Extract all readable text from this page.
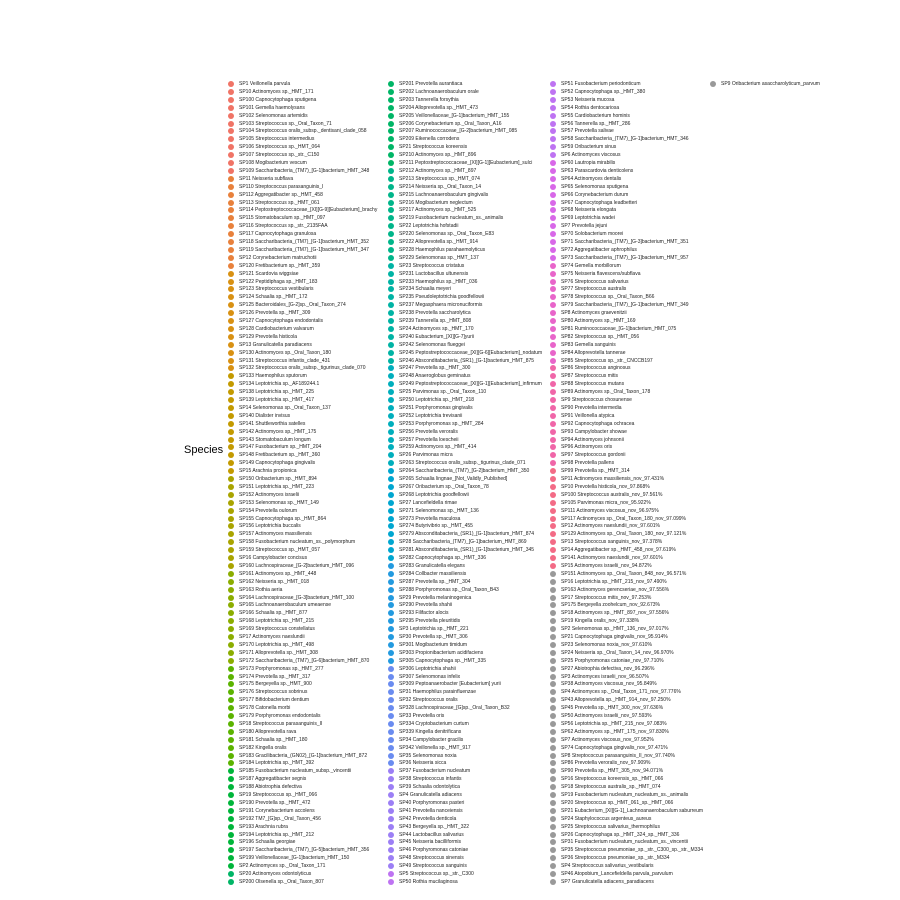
Species
SP1 Veillonella parvula
SP10 Actinomyces sp._HMT_171
SP100 Capnocytophaga sputigena
SP101 Gemella haemolysans
SP102 Selenomonas artemidis
SP103 Streptococcus sp._Oral_Taxon_71
SP104 Streptococcus oralis_subsp._dentisani_clade_058
SP105 Streptococcus intermedius
SP106 Streptococcus sp._HMT_064
SP107 Streptococcus sp._str._C150
SP108 Mogibacterium vescum
SP109 Saccharibacteria_(TM7)_[G-1]bacterium_HMT_348
SP11 Neisseria subflava
SP110 Streptococcus parasanguinis_I
SP112 Aggregatibacter sp._HMT_458
SP113 Streptococcus sp._HMT_061
SP114 Peptostreptococcaceae_[XI][G-9][Eubacterium]_brachy
SP115 Stomatobaculum sp._HMT_097
SP116 Streptococcus sp._str._2135FAA
SP117 Capnocytophaga granulosa
SP118 Saccharibacteria_(TM7)_[G-1]bacterium_HMT_352
SP119 Saccharibacteria_(TM7)_[G-1]bacterium_HMT_347
SP12 Corynebacterium matruchotii
SP120 Fretibacterium sp._HMT_359
SP121 Scardovia wiggsiae
SP122 Peptidiphaga sp._HMT_183
SP123 Streptococcus vestibularis
SP124 Schaalia sp._HMT_172
SP125 Bacteroidales_[G-2]sp._Oral_Taxon_274
SP126 Prevotella sp._HMT_309
SP127 Capnocytophaga endodontalis
SP128 Cardiobacterium valvarum
SP129 Prevotella histicola
SP13 Granulicatella paradiacens
SP130 Actinomyces sp._Oral_Taxon_180
SP131 Streptococcus infantis_clade_431
SP132 Streptococcus oralis_subsp._tigurinus_clade_070
SP133 Haemophilus sputorum
SP134 Leptotrichia sp._AF189244.1
SP138 Leptotrichia sp._HMT_225
SP139 Leptotrichia sp._HMT_417
SP14 Selenomonas sp._Oral_Taxon_137
SP140 Dialister invisus
SP141 Shuttleworthia satelles
SP142 Actinomyces sp._HMT_175
SP143 Stomatobaculum longum
SP147 Fusobacterium sp._HMT_204
SP148 Fretibacterium sp._HMT_360
SP149 Capnocytophaga gingivalis
SP15 Arachnia propionica
SP150 Oribacterium sp._HMT_894
SP151 Leptotrichia sp._HMT_223
SP152 Actinomyces israelii
SP153 Selenomonas sp._HMT_149
SP154 Prevotella oulorum
SP155 Capnocytophaga sp._HMT_864
SP156 Leptotrichia buccalis
SP157 Actinomyces massiliensis
SP158 Fusobacterium nucleatum_ss._polymorphum
SP159 Streptococcus sp._HMT_057
SP16 Campylobacter concisus
SP160 Lachnospiraceae_[G-2]bacterium_HMT_096
SP161 Actinomyces sp._HMT_448
SP162 Neisseria sp._HMT_018
SP163 Rothia aeria
SP164 Lachnospiraceae_[G-3]bacterium_HMT_100
SP165 Lachnoanaerobaculum umeaense
SP166 Schaalia sp._HMT_877
SP168 Leptotrichia sp._HMT_215
SP169 Streptococcus constellatus
SP17 Actinomyces naeslundii
SP170 Leptotrichia sp._HMT_498
SP171 Alloprevotella sp._HMT_308
SP172 Saccharibacteria_(TM7)_[G-6]bacterium_HMT_870
SP173 Porphyromonas sp._HMT_277
SP174 Prevotella sp._HMT_317
SP175 Bergeyella sp._HMT_900
SP176 Streptococcus sobrinus
SP177 Bifidobacterium dentium
SP178 Catonella morbi
SP179 Porphyromonas endodontalis
SP18 Streptococcus parasanguinis_II
SP180 Alloprevotella rava
SP181 Schaalia sp._HMT_180
SP182 Kingella oralis
SP183 Gracilibacteria_(GN02)_[G-1]bacterium_HMT_872
SP184 Leptotrichia sp._HMT_392
SP185 Fusobacterium nucleatum_subsp._vincentii
SP187 Aggregatibacter segnis
SP188 Abiotrophia defectiva
SP19 Streptococcus sp._HMT_066
SP190 Prevotella sp._HMT_472
SP191 Corynebacterium accolens
SP192 TM7_[G]sp._Oral_Taxon_456
SP193 Arachnia rubra
SP194 Leptotrichia sp._HMT_212
SP196 Schaalia georgiae
SP197 Saccharibacteria_(TM7)_[G-5]bacterium_HMT_356
SP199 Veillonellaceae_[G-1]bacterium_HMT_150
SP2 Actinomyces sp._Oral_Taxon_171
SP20 Actinomyces odontolyticus
SP200 Olsenella sp._Oral_Taxon_807
SP201 Prevotella aurantiaca
SP202 Lachnoanaerobaculum orale
SP203 Tannerella forsythia
SP204 Alloprevotella sp._HMT_473
SP205 Veillonellaceae_[G-1]bacterium_HMT_155
SP206 Corynebacterium sp._Oral_Taxon_A16
SP207 Ruminococcaceae_[G-2]bacterium_HMT_085
SP209 Eikenella corrodens
SP21 Streptococcus koreensis
SP210 Actinomyces sp._HMT_896
SP211 Peptostreptococcaceae_[XI][G-1][Eubacterium]_sulci
SP212 Actinomyces sp._HMT_897
SP213 Streptococcus sp._HMT_074
SP214 Neisseria sp._Oral_Taxon_14
SP215 Lachnoanaerobaculum gingivalis
SP216 Mogibacterium neglectum
SP217 Actinomyces sp._HMT_525
SP219 Fusobacterium nucleatum_ss._animalis
SP22 Leptotrichia hofstadii
SP220 Selenomonas sp._Oral_Taxon_E83
SP222 Alloprevotella sp._HMT_914
SP228 Haemophilus parahaemolyticus
SP229 Selenomonas sp._HMT_137
SP23 Streptococcus cristatus
SP231 Lactobacillus ultunensis
SP233 Haemophilus sp._HMT_036
SP234 Schaalia meyeri
SP235 Pseudoleptotrichia goodfellowii
SP237 Megasphaera micronuciformis
SP238 Prevotella saccharolytica
SP239 Tannerella sp._HMT_808
SP24 Actinomyces sp._HMT_170
SP240 Eubacterium_[XI][G-7]yurii
SP242 Selenomonas flueggei
SP245 Peptostreptococcaceae_[XI][G-6][Eubacterium]_nodatum
SP246 Absconditabacteria_(SR1)_[G-1]bacterium_HMT_875
SP247 Prevotella sp._HMT_300
SP248 Anaeroglobus geminatus
SP249 Peptostreptococcaceae_[XI][G-1][Eubacterium]_infirmum
SP25 Parvimonas sp._Oral_Taxon_110
SP250 Leptotrichia sp._HMT_218
SP251 Porphyromonas gingivalis
SP252 Leptotrichia trevisanii
SP253 Porphyromonas sp._HMT_284
SP256 Prevotella veroralis
SP257 Prevotella loescheii
SP259 Actinomyces sp._HMT_414
SP26 Parvimonas micra
SP263 Streptococcus oralis_subsp._tigurinus_clade_071
SP264 Saccharibacteria_(TM7)_[G-2]bacterium_HMT_350
SP265 Schaalia lingnae_[Not_Validly_Published]
SP267 Oribacterium sp._Oral_Taxon_78
SP268 Leptotrichia goodfellowii
SP27 Lancefieldella rimae
SP271 Selenomonas sp._HMT_136
SP273 Prevotella maculosa
SP274 Butyrivibrio sp._HMT_455
SP279 Absconditabacteria_(SR1)_[G-1]bacterium_HMT_874
SP28 Saccharibacteria_(TM7)_[G-1]bacterium_HMT_869
SP281 Absconditabacteria_(SR1)_[G-1]bacterium_HMT_345
SP282 Capnocytophaga sp._HMT_336
SP283 Granulicatella elegans
SP284 Collbacter massiliensis
SP287 Prevotella sp._HMT_304
SP288 Porphyromonas sp._Oral_Taxon_B43
SP29 Prevotella melaninogenica
SP290 Prevotella shahii
SP293 Filifactor alocis
SP295 Prevotella pleuritidis
SP3 Leptotrichia sp._HMT_221
SP30 Prevotella sp._HMT_306
SP301 Mogibacterium timidum
SP303 Propionibacterium acidifaciens
SP305 Capnocytophaga sp._HMT_335
SP306 Leptotrichia shahii
SP307 Selenomonas infelix
SP309 Peptoanaerobacter [Eubacterium] yurii
SP31 Haemophilus parainfluenzae
SP32 Streptococcus oralis
SP328 Lachnospiraceae_[G]sp._Oral_Taxon_B32
SP33 Prevotella oris
SP334 Cryptobacterium curtum
SP339 Kingella denitrificans
SP34 Campylobacter gracilis
SP342 Veillonella sp._HMT_917
SP35 Selenomonas noxia
SP36 Neisseria sicca
SP37 Fusobacterium nucleatum
SP38 Streptococcus infantis
SP39 Schaalia odontolytica
SP4 Granulicatella adiacens
SP40 Porphyromonas pasteri
SP41 Prevotella nanceiensis
SP42 Prevotella denticola
SP43 Bergeyella sp._HMT_322
SP44 Lactobacillus salivarius
SP45 Neisseria bacilliformis
SP46 Porphyromonas catoniae
SP48 Streptococcus sinensis
SP49 Streptococcus sanguinis
SP5 Streptococcus sp._str._C300
SP50 Rothia mucilaginosa
SP51 Fusobacterium periodonticum
SP52 Capnocytophaga sp._HMT_380
SP53 Neisseria mucosa
SP54 Rothia dentocariosa
SP55 Cardiobacterium hominis
SP56 Tannerella sp._HMT_286
SP57 Prevotella salivae
SP58 Saccharibacteria_(TM7)_[G-1]bacterium_HMT_346
SP59 Oribacterium sinus
SP6 Actinomyces viscosus
SP60 Lautropia mirabilis
SP63 Parascardovia denticolens
SP64 Actinomyces dentalis
SP65 Selenomonas sputigena
SP66 Corynebacterium durum
SP67 Capnocytophaga leadbetteri
SP68 Neisseria elongata
SP69 Leptotrichia wadei
SP7 Prevotella jejuni
SP70 Solobacterium moorei
SP71 Saccharibacteria_(TM7)_[G-3]bacterium_HMT_351
SP72 Aggregatibacter aphrophilus
SP73 Saccharibacteria_(TM7)_[G-1]bacterium_HMT_957
SP74 Gemella morbillorum
SP75 Neisseria flavescens/subflava
SP76 Streptococcus salivarius
SP77 Streptococcus australis
SP78 Streptococcus sp._Oral_Taxon_B66
SP79 Saccharibacteria_(TM7)_[G-1]bacterium_HMT_349
SP8 Actinomyces graevenitzii
SP80 Actinomyces sp._HMT_169
SP81 Ruminococcaceae_[G-1]bacterium_HMT_075
SP82 Streptococcus sp._HMT_056
SP83 Gemella sanguinis
SP84 Alloprevotella tannerae
SP85 Streptococcus sp._str._CNCCB197
SP86 Streptococcus anginosus
SP87 Streptococcus mitis
SP88 Streptococcus mutans
SP89 Actinomyces sp._Oral_Taxon_178
SP9 Streptococcus chosunense
SP90 Prevotella intermedia
SP91 Veillonella atypica
SP92 Capnocytophaga ochracea
SP93 Campylobacter showae
SP94 Actinomyces johnsonii
SP96 Actinomyces oris
SP97 Streptococcus gordonii
SP98 Prevotella pallens
SP99 Prevotella sp._HMT_314
SP11 Actinomyces massiliensis_nov_97.431%
SP10 Prevotella histicola_nov_97.868%
SP100 Streptococcus australis_nov_97.561%
SP105 Parvimonas micra_nov_95.922%
SP111 Actinomyces viscosus_nov_96.975%
SP117 Actinomyces sp._Oral_Taxon_180_nov_97.099%
SP12 Actinomyces naeslundii_nov_97.601%
SP129 Actinomyces sp._Oral_Taxon_180_nov_97.121%
SP13 Streptococcus sanguinis_nov_97.378%
SP14 Aggregatibacter sp._HMT_458_nov_97.619%
SP141 Actinomyces naeslundii_nov_97.601%
SP15 Actinomyces israelii_nov_94.872%
SP151 Actinomyces sp._Oral_Taxon_848_nov_96.571%
SP16 Leptotrichia sp._HMT_215_nov_97.490%
SP163 Actinomyces gerencseriae_nov_97.556%
SP17 Streptococcus mitis_nov_97.253%
SP175 Bergeyella zoohelcum_nov_92.673%
SP18 Actinomyces sp._HMT_897_nov_97.556%
SP19 Kingella oralis_nov_97.338%
SP2 Selenomonas sp._HMT_136_nov_97.017%
SP21 Capnocytophaga gingivalis_nov_95.914%
SP23 Selenomonas noxia_nov_97.610%
SP24 Neisseria sp._Oral_Taxon_14_nov_96.970%
SP25 Porphyromonas catoniae_nov_97.710%
SP27 Abiotrophia defectiva_nov_96.296%
SP3 Actinomyces israelii_nov_96.507%
SP38 Actinomyces viscosus_nov_95.849%
SP4 Actinomyces sp._Oral_Taxon_171_nov_97.776%
SP43 Alloprevotella sp._HMT_914_nov_97.250%
SP45 Prevotella sp._HMT_300_nov_97.636%
SP50 Actinomyces israelii_nov_97.593%
SP56 Leptotrichia sp._HMT_215_nov_97.083%
SP62 Actinomyces sp._HMT_175_nov_97.830%
SP7 Actinomyces viscosus_nov_97.952%
SP74 Capnocytophaga gingivalis_nov_97.471%
SP8 Streptococcus parasanguinis_II_nov_97.740%
SP86 Prevotella veroralis_nov_97.909%
SP90 Prevotella sp._HMT_305_nov_94.071%
SP16 Streptococcus koreensis_sp._HMT_066
SP18 Streptococcus australis_sp._HMT_074
SP19 Fusobacterium nucleatum_nucleatum_ss._animalis
SP20 Streptococcus sp._HMT_061_sp._HMT_066
SP21 Eubacterium_[XI][G-1]_Lachnoanaerobaculum saburreum
SP24 Staphylococcus argenteus_aureus
SP25 Streptococcus salivarius_thermophilus
SP26 Capnocytophaga sp._HMT_324_sp._HMT_336
SP31 Fusobacterium nucleatum_nucleatum_ss._vincentii
SP35 Streptococcus pneumoniae_sp._str._C300_sp._str._M334
SP36 Streptococcus pneumoniae_sp._str._M334
SP4 Streptococcus salivarius_vestibularis
SP46 Atopobium_Lancefieldella parvula_parvulum
SP7 Granulicatella adiacens_paradiacens
SP9 Oribacterium asaccharolyticum_parvum
